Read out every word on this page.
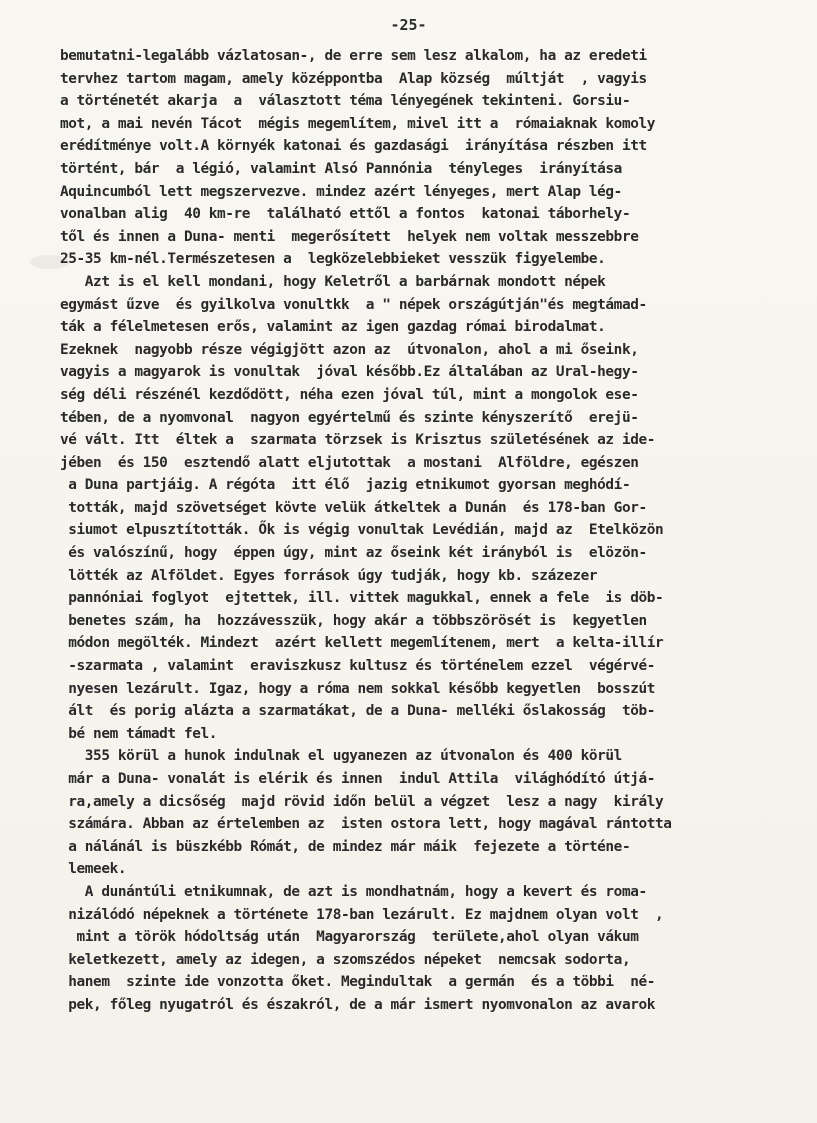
-25-
bemutatni-legalább vázlatosan-, de erre sem lesz alkalom, ha az eredeti
tervhez tartom magam, amely középpontba  Alap község  múltját  , vagyis
a történetét akarja  a  választott téma lényegének tekinteni. Gorsiu-
mot, a mai nevén Tácot  mégis megemlítem, mivel itt a  rómaiaknak komoly
erédítménye volt.A környék katonai és gazdasági  irányítása részben itt
történt, bár  a légió, valamint Alsó Pannónia  tényleges  irányítása
Aquincumból lett megszervezve. mindez azért lényeges, mert Alap lég-
vonalban alig  40 km-re  található ettől a fontos  katonai táborhely-
től és innen a Duna- menti  megerősített  helyek nem voltak messzebbre
25-35 km-nél.Természetesen a  legközelebbieket vesszük figyelembe.
Azt is el kell mondani, hogy Keletről a barbárnak mondott népek
egymást űzve  és gyilkolva vonultkk  a " népek országútján"és megtámad-
ták a félelmetesen erős, valamint az igen gazdag római birodalmat.
Ezeknek  nagyobb része végigjött azon az  útvonalon, ahol a mi őseink,
vagyis a magyarok is vonultak  jóval később.Ez általában az Ural-hegy-
ség déli részénél kezdődött, néha ezen jóval túl, mint a mongolok ese-
tében, de a nyomvonal  nagyon egyértelmű és szinte kényszerítő  erejü-
vé vált. Itt  éltek a  szarmata törzsek is Krisztus születésének az ide-
jében  és 150  esztendő alatt eljutottak  a mostani  Alföldre, egészen
a Duna partjáig. A régóta  itt élő  jazig etnikumot gyorsan meghódí-
tották, majd szövetséget kövte velük átkeltek a Dunán  és 178-ban Gor-
siumot elpusztították. Ők is végig vonultak Levédián, majd az  Etelközön
és valószínű, hogy  éppen úgy, mint az őseink két irányból is  elözön-
lötték az Alföldet. Egyes források úgy tudják, hogy kb. százezer
pannóniai foglyot  ejtettek, ill. vittek magukkal, ennek a fele  is döb-
benetes szám, ha  hozzávesszük, hogy akár a többszörösét is  kegyetlen
módon megölték. Mindezt  azért kellett megemlítenem, mert  a kelta-illír
-szarmata , valamint  eraviszkusz kultusz és történelem ezzel  végérvé-
nyesen lezárult. Igaz, hogy a róma nem sokkal később kegyetlen  bosszút
ált  és porig alázta a szarmatákat, de a Duna- melléki őslakosság  töb-
bé nem támadt fel.
355 körül a hunok indulnak el ugyanezen az útvonalon és 400 körül
már a Duna- vonalát is elérik és innen  indul Attila  világhódító útjá-
ra,amely a dicsőség  majd rövid időn belül a végzet  lesz a nagy  király
számára. Abban az értelemben az  isten ostora lett, hogy magával rántotta
a nálánál is büszkébb Rómát, de mindez már máik  fejezete a történe-
lemeek.
A dunántúli etnikumnak, de azt is mondhatnám, hogy a kevert és roma-
nizálódó népeknek a története 178-ban lezárult. Ez majdnem olyan volt  ,
mint a török hódoltság után  Magyarország  területe,ahol olyan vákum
keletkezett, amely az idegen, a szomszédos népeket  nemcsak sodorta,
hanem  szinte ide vonzotta őket. Megindultak  a germán  és a többi  né-
pek, főleg nyugatról és északról, de a már ismert nyomvonalon az avarok
